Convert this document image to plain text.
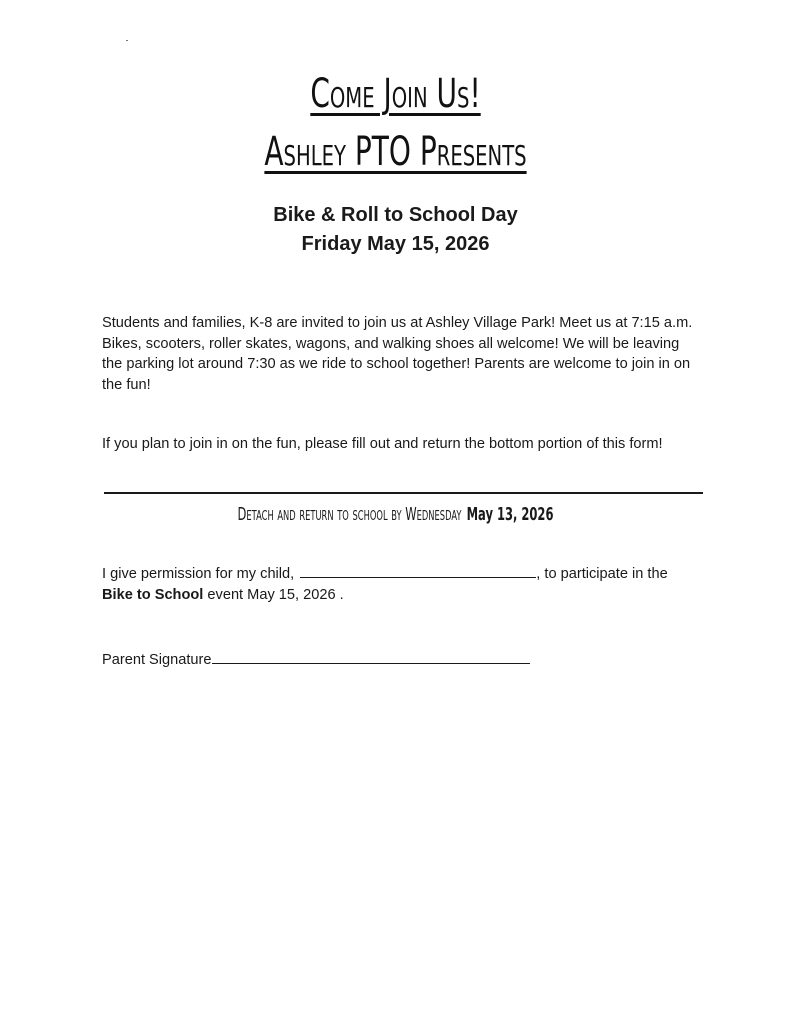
Come Join Us!
Ashley PTO Presents
Bike & Roll to School Day
Friday May 15, 2026
Students and families, K-8 are invited to join us at Ashley Village Park! Meet us at 7:15 a.m. Bikes, scooters, roller skates, wagons, and walking shoes all welcome! We will be leaving the parking lot around 7:30 as we ride to school together! Parents are welcome to join in on the fun!
If you plan to join in on the fun, please fill out and return the bottom portion of this form!
Detach and return to school by Wednesday May 13, 2026
I give permission for my child,	, to participate in the
Bike to School event May 15, 2026 .
Parent Signature
